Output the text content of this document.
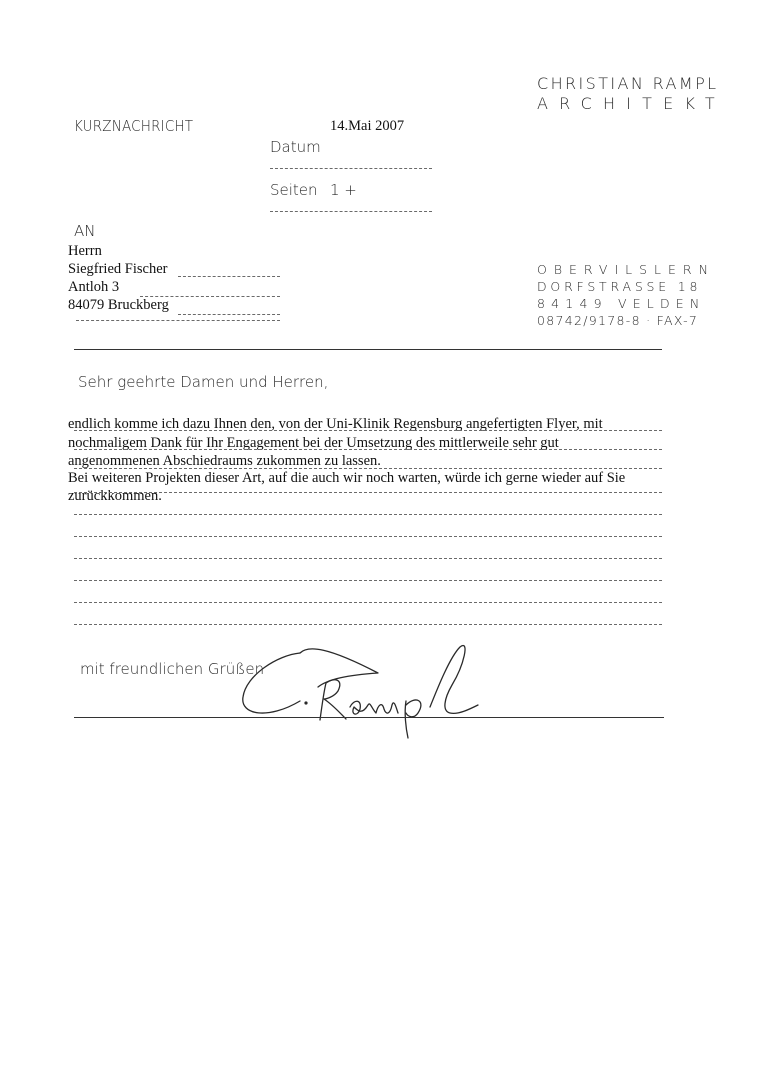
CHRISTIAN RAMPL
ARCHITEKT
KURZNACHRICHT	14.Mai 2007
Datum
Seiten 1 +
AN
Herrn
Siegfried Fischer
Antloh 3
84079 Bruckberg
OBERVILSLERN
DORFSTRASSE 18
84149 VELDEN
08742/9178-8 · FAX-7
Sehr geehrte Damen und Herren,
endlich komme ich dazu Ihnen den, von der Uni-Klinik Regensburg angefertigten Flyer, mit
nochmaligem Dank für Ihr Engagement bei der Umsetzung des mittlerweile sehr gut
angenommenen Abschiedraums zukommen zu lassen.
Bei weiteren Projekten dieser Art, auf die auch wir noch warten, würde ich gerne wieder auf Sie
zurückkommen.
mit freundlichen Grüßen
